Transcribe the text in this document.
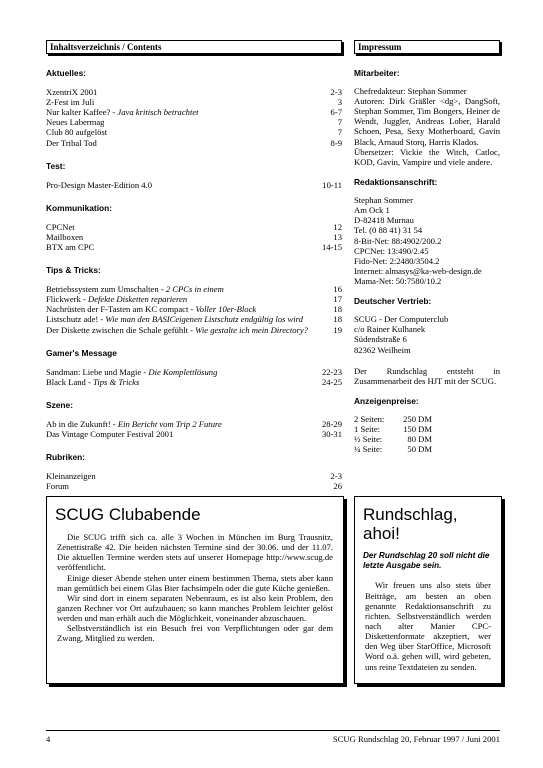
Inhaltsverzeichnis / Contents
Aktuelles:
XzentriX 2001	2-3
Z-Fest im Juli	3
Nur kalter Kaffee? - Java kritisch betrachtet	6-7
Neues Labermag	7
Club 80 aufgelöst	7
Der Tribal Tod	8-9
Test:
Pro-Design Master-Edition 4.0	10-11
Kommunikation:
CPCNet	12
Mailboxen	13
BTX am CPC	14-15
Tips & Tricks:
Betriebssystem zum Umschalten - 2 CPCs in einem	16
Flickwerk - Defekte Disketten reparieren	17
Nachrüsten der F-Tasten am KC compact - Voller 10er-Block	18
Listschutz ade! - Wie man den BASICeigenen Listschutz endgültig los wird	18
Der Diskette zwischen die Schale gefühlt - Wie gestalte ich mein Directory?	19
Gamer's Message
Sandman: Liebe und Magie - Die Komplettlösung	22-23
Black Land - Tips & Tricks	24-25
Szene:
Ab in die Zukunft! - Ein Bericht vom Trip 2 Future	28-29
Das Vintage Computer Festival 2001	30-31
Rubriken:
Kleinanzeigen	2-3
Forum	26
Impressum
Mitarbeiter:
Chefredakteur: Stephan Sommer
Autoren: Dirk Gräßler <dg>, DangSoft, Stephan Sommer, Tim Bongers, Heiner de Wendt, Juggler, Andreas Lober, Harald Schoen, Pesa, Sexy Motherboard, Gavin Black, Arnaud Storq, Harris Klados.
Übersetzer: Vickie the Witch, Catloc, KOD, Gavin, Vampire und viele andere.
Redaktionsanschrift:
Stephan Sommer
Am Ock 1
D-82418 Murnau
Tel. (0 88 41) 31 54
8-Bit-Net: 88:4902/200.2
CPCNet: 13:490/2.45
Fido-Net: 2:2480/3504.2
Internet: almasys@ka-web-design.de
Mama-Net: 50:7580/10.2
Deutscher Vertrieb:
SCUG - Der Computerclub
c/o Rainer Kulhanek
Südendstraße 6
82362 Weilheim
Der Rundschlag entsteht in Zusammenarbeit des HJT mit der SCUG.
Anzeigenpreise:
2 Seiten:	250 DM
1 Seite:	150 DM
½ Seite:	80 DM
¼ Seite:	50 DM
SCUG Clubabende

Die SCUG trifft sich ca. alle 3 Wochen in München im Burg Trausnitz, Zenettistraße 42. Die beiden nächsten Termine sind der 30.06. und der 11.07. Die aktuellen Termine werden stets auf unserer Homepage http://www.scug.de veröffentlicht.

Einige dieser Abende stehen unter einem bestimmen Thema, stets aber kann man gemütlich bei einem Glas Bier fachsimpeln oder die gute Küche genießen.

Wir sind dort in einem separaten Nebenraum, es ist also kein Problem, den ganzen Rechner vor Ort aufzubauen; so kann manches Problem leichter gelöst werden und man erhält auch die Möglichkeit, voneinander abzuschauen.

Selbstverständlich ist ein Besuch frei von Verpflichtungen oder gar dem Zwang, Mitglied zu werden.

Rundschlag, ahoi!
Der Rundschlag 20 soll nicht die letzte Ausgabe sein.

Wir freuen uns also stets über Beiträge, am besten an oben genannte Redaktionsanschrift zu richten. Selbstverständlich werden nach alter Manier CPC-Diskettenformate akzeptiert, wer den Weg über StarOffice, Microsoft Word o.ä. gehen will, wird gebeten, uns reine Textdateien zu senden.

4	SCUG Rundschlag 20, Februar 1997 / Juni 2001
